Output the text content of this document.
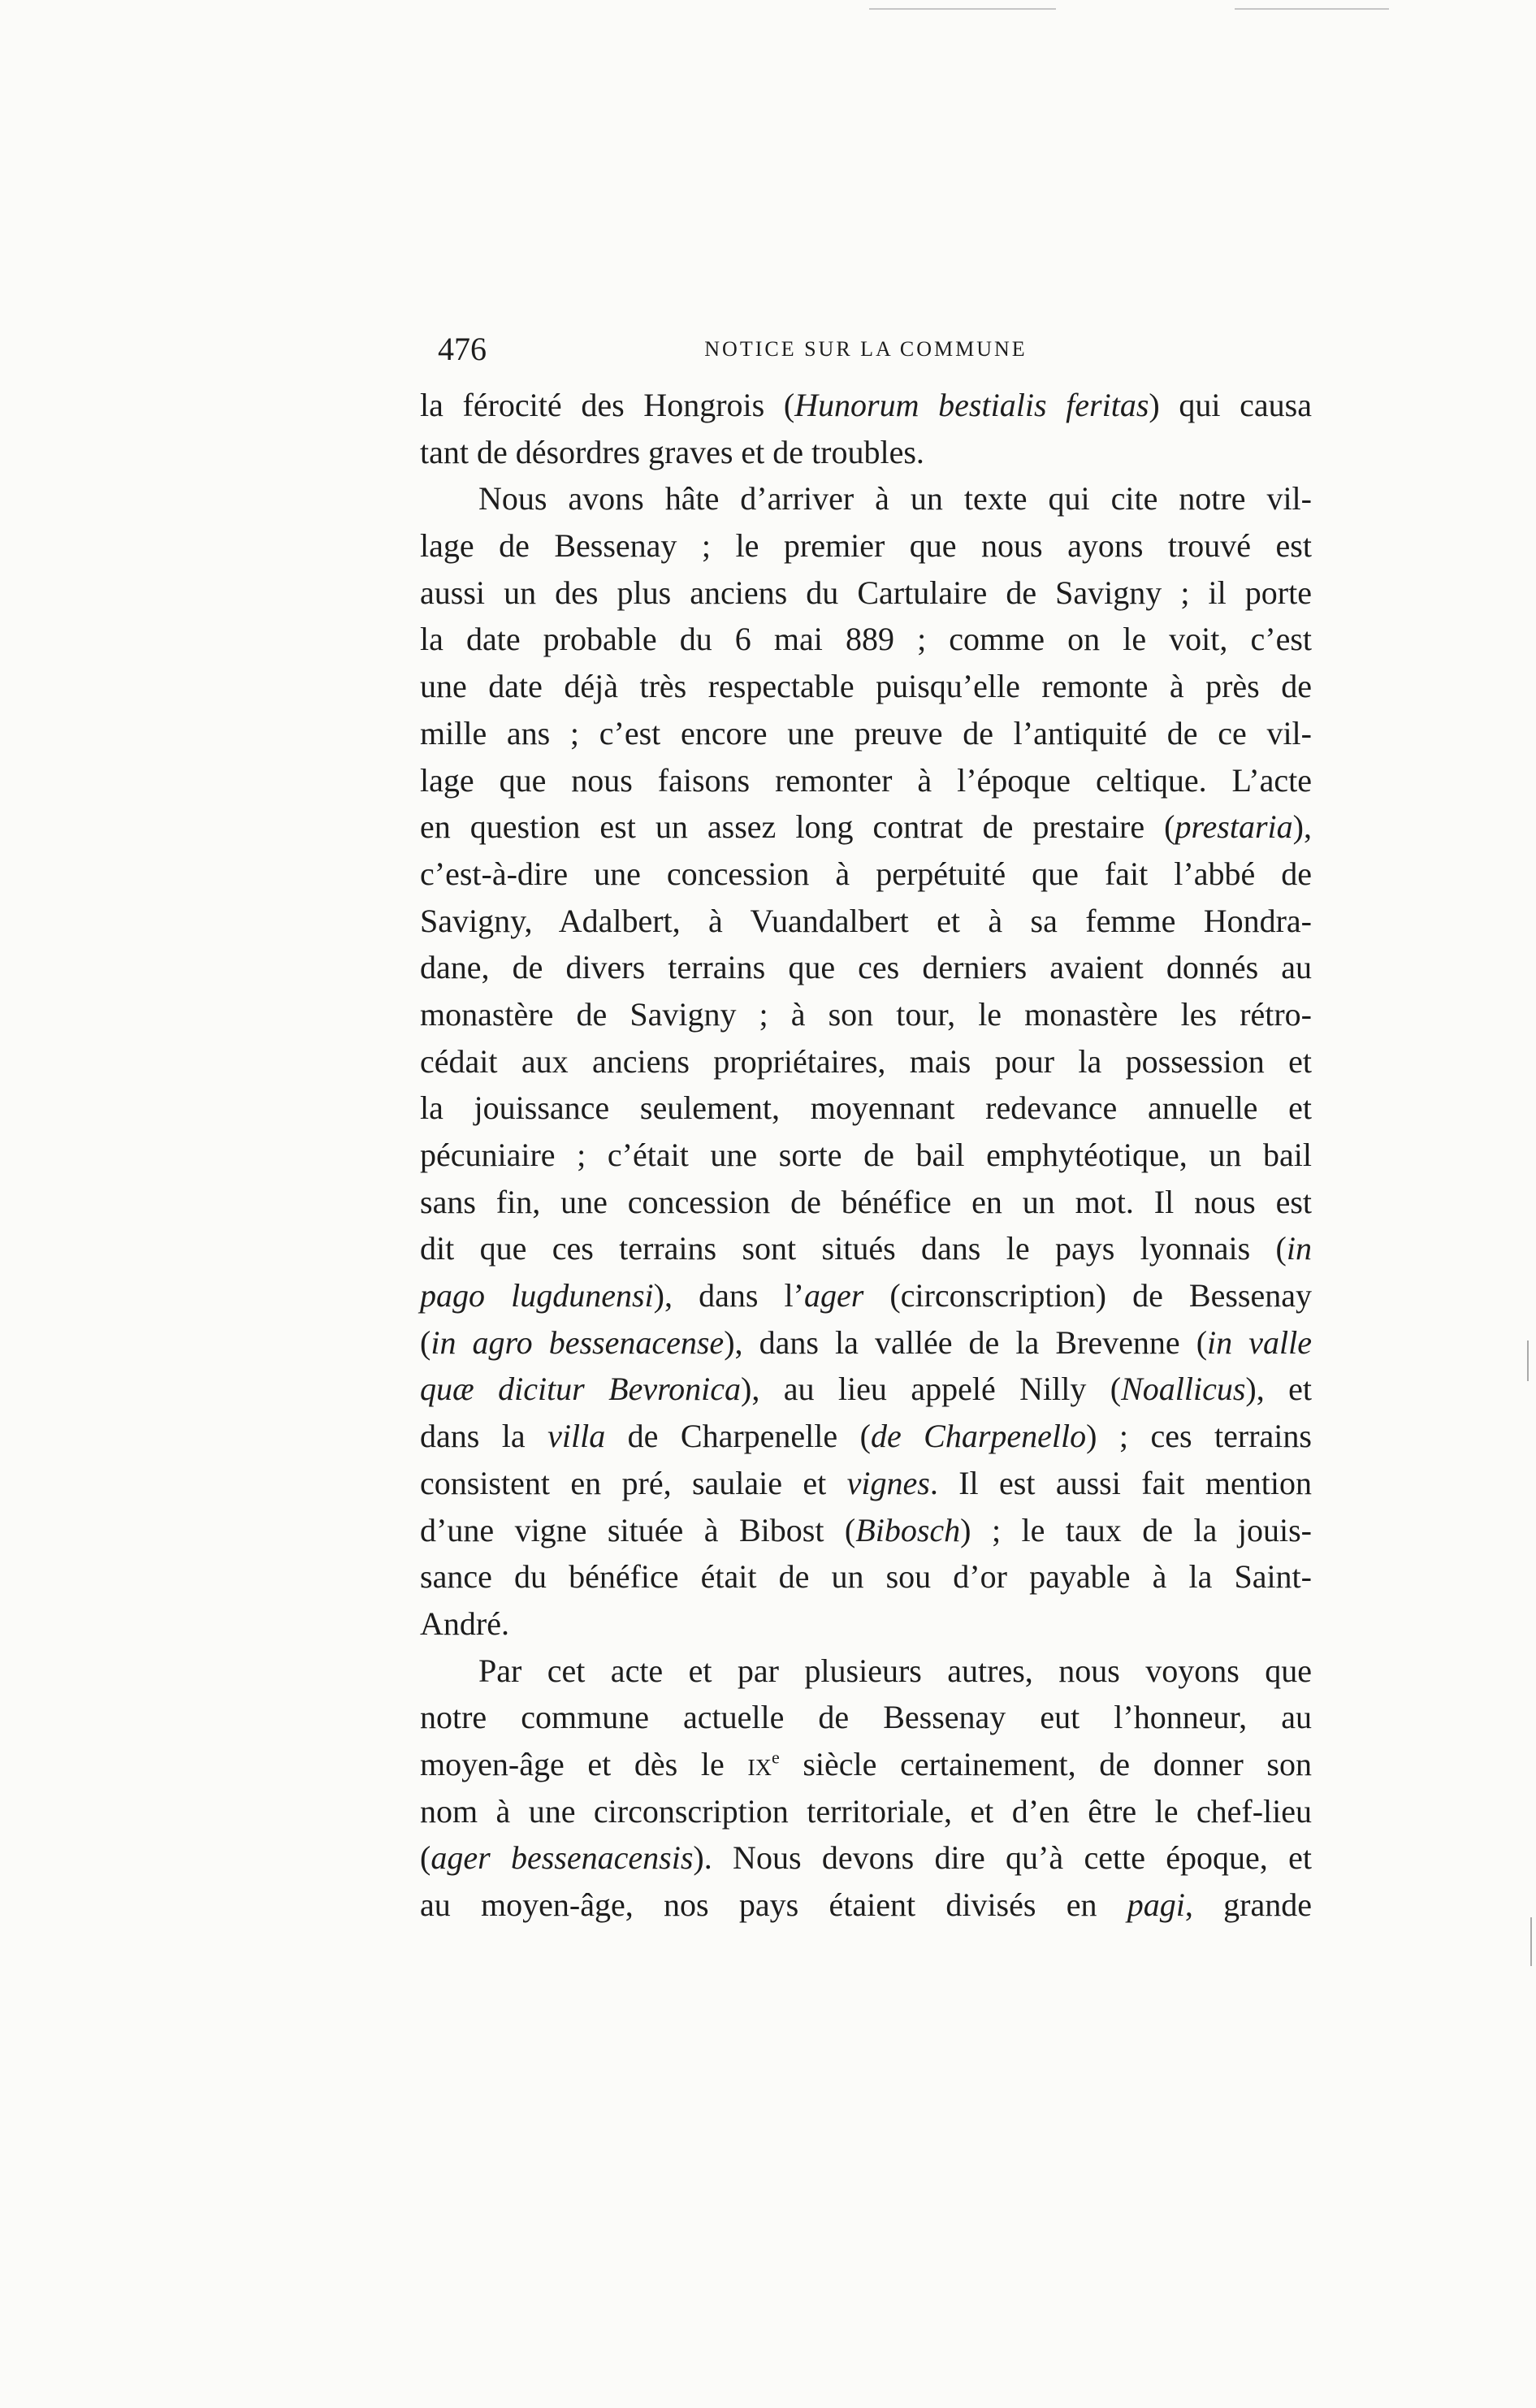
476	NOTICE SUR LA COMMUNE
la férocité des Hongrois (Hunorum bestialis feritas) qui causa
tant de désordres graves et de troubles.
Nous avons hâte d’arriver à un texte qui cite notre vil-
lage de Bessenay ; le premier que nous ayons trouvé est
aussi un des plus anciens du Cartulaire de Savigny ; il porte
la date probable du 6 mai 889 ; comme on le voit, c’est
une date déjà très respectable puisqu’elle remonte à près de
mille ans ; c’est encore une preuve de l’antiquité de ce vil-
lage que nous faisons remonter à l’époque celtique. L’acte
en question est un assez long contrat de prestaire (prestaria),
c’est-à-dire une concession à perpétuité que fait l’abbé de
Savigny, Adalbert, à Vuandalbert et à sa femme Hondra-
dane, de divers terrains que ces derniers avaient donnés au
monastère de Savigny ; à son tour, le monastère les rétro-
cédait aux anciens propriétaires, mais pour la possession et
la jouissance seulement, moyennant redevance annuelle et
pécuniaire ; c’était une sorte de bail emphytéotique, un bail
sans fin, une concession de bénéfice en un mot. Il nous est
dit que ces terrains sont situés dans le pays lyonnais (in
pago lugdunensi), dans l’ager (circonscription) de Bessenay
(in agro bessenacense), dans la vallée de la Brevenne (in valle
quæ dicitur Bevronica), au lieu appelé Nilly (Noallicus), et
dans la villa de Charpenelle (de Charpenello) ; ces terrains
consistent en pré, saulaie et vignes. Il est aussi fait mention
d’une vigne située à Bibost (Bibosch) ; le taux de la jouis-
sance du bénéfice était de un sou d’or payable à la Saint-
André.
Par cet acte et par plusieurs autres, nous voyons que
notre commune actuelle de Bessenay eut l’honneur, au
moyen-âge et dès le $ix^e$ siècle certainement, de donner son
nom à une circonscription territoriale, et d’en être le chef-lieu
(ager bessenacensis). Nous devons dire qu’à cette époque, et
au moyen-âge, nos pays étaient divisés en pagi, grande
